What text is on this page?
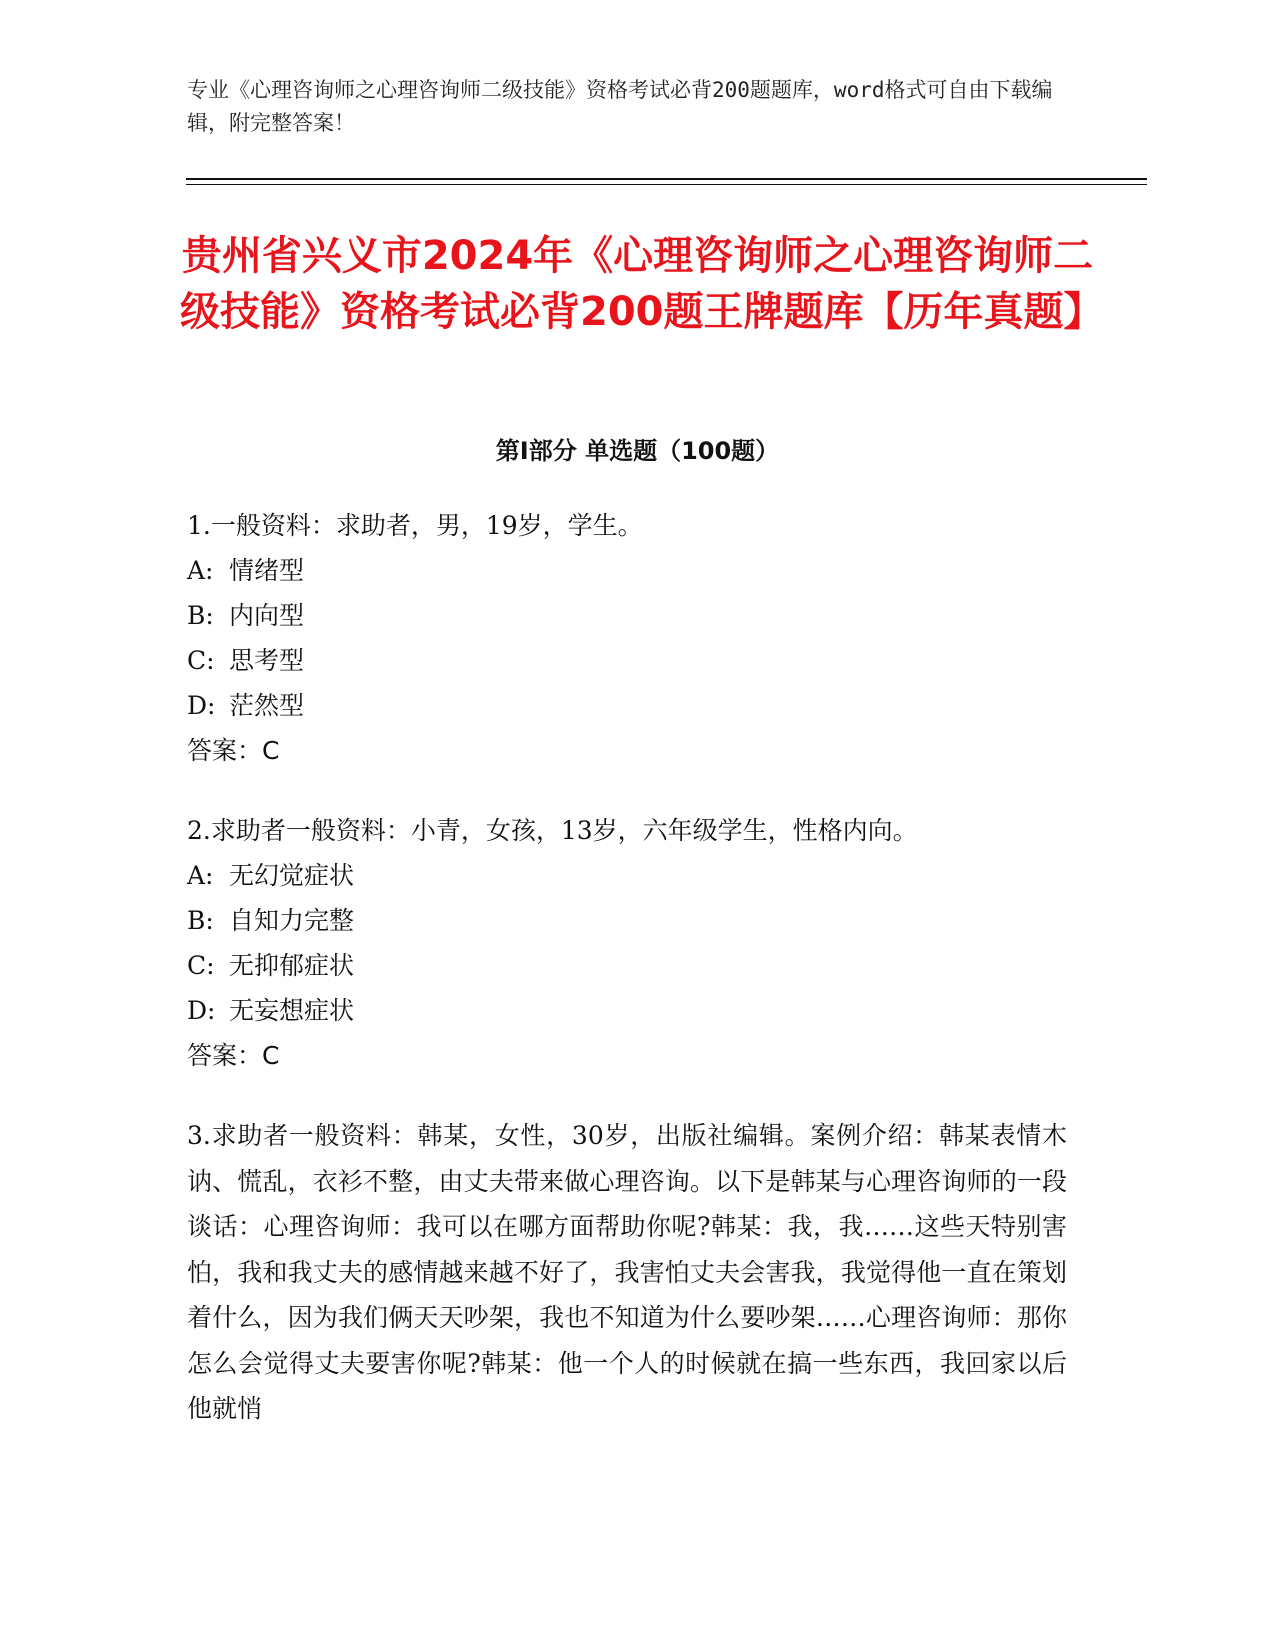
专业《心理咨询师之心理咨询师二级技能》资格考试必背200题题库，word格式可自由下载编辑，附完整答案！
贵州省兴义市2024年《心理咨询师之心理咨询师二级技能》资格考试必背200题王牌题库【历年真题】
第Ⅰ部分 单选题（100题）
1.一般资料：求助者，男，19岁，学生。
A: 情绪型
B: 内向型
C: 思考型
D: 茫然型
答案：C
2.求助者一般资料：小青，女孩，13岁，六年级学生，性格内向。
A: 无幻觉症状
B: 自知力完整
C: 无抑郁症状
D: 无妄想症状
答案：C
3.求助者一般资料：韩某，女性，30岁，出版社编辑。案例介绍：韩某表情木讷、慌乱，衣衫不整，由丈夫带来做心理咨询。以下是韩某与心理咨询师的一段谈话：心理咨询师：我可以在哪方面帮助你呢?韩某：我，我……这些天特别害怕，我和我丈夫的感情越来越不好了，我害怕丈夫会害我，我觉得他一直在策划着什么，因为我们俩天天吵架，我也不知道为什么要吵架……心理咨询师：那你怎么会觉得丈夫要害你呢?韩某：他一个人的时候就在搞一些东西，我回家以后他就悄
